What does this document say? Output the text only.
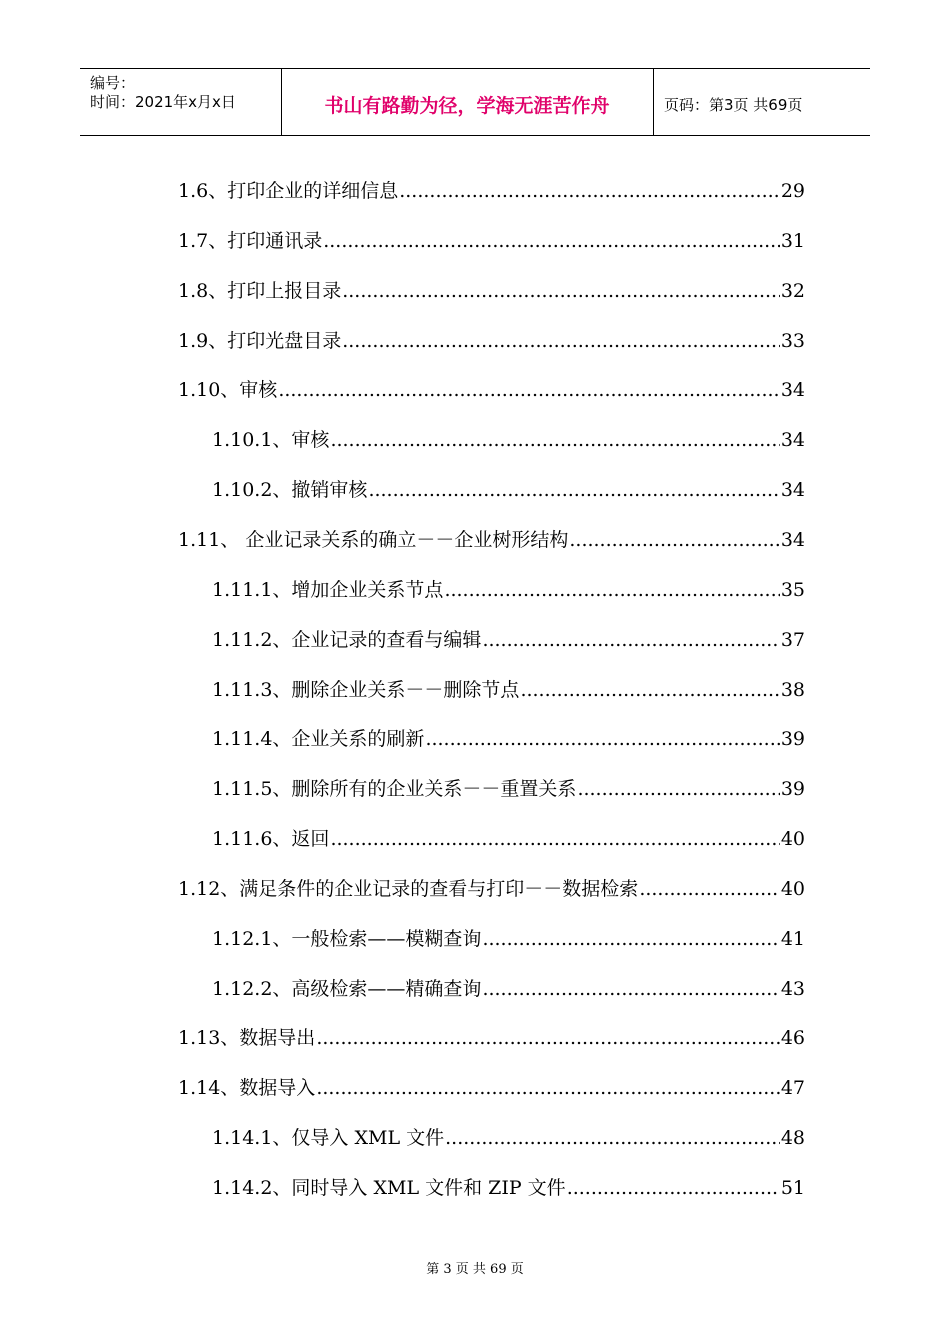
编号：
时间：2021年x月x日	书山有路勤为径，学海无涯苦作舟	页码：第3页 共69页
1.6、打印企业的详细信息 .....	29
1.7、打印通讯录 .....	31
1.8、打印上报目录 .....	32
1.9、打印光盘目录 .....	33
1.10、审核 .....	34
1.10.1、审核 .....	34
1.10.2、撤销审核 .....	34
1.11、 企业记录关系的确立－－企业树形结构 .....	34
1.11.1、增加企业关系节点 .....	35
1.11.2、企业记录的查看与编辑 .....	37
1.11.3、删除企业关系－－删除节点 .....	38
1.11.4、企业关系的刷新 .....	39
1.11.5、删除所有的企业关系－－重置关系 .....	39
1.11.6、返回 .....	40
1.12、满足条件的企业记录的查看与打印－－数据检索 .....	40
1.12.1、一般检索——模糊查询 .....	41
1.12.2、高级检索——精确查询 .....	43
1.13、数据导出 .....	46
1.14、数据导入 .....	47
1.14.1、仅导入 XML 文件 .....	48
1.14.2、同时导入 XML 文件和 ZIP 文件 .....	51
第 3 页 共 69 页
